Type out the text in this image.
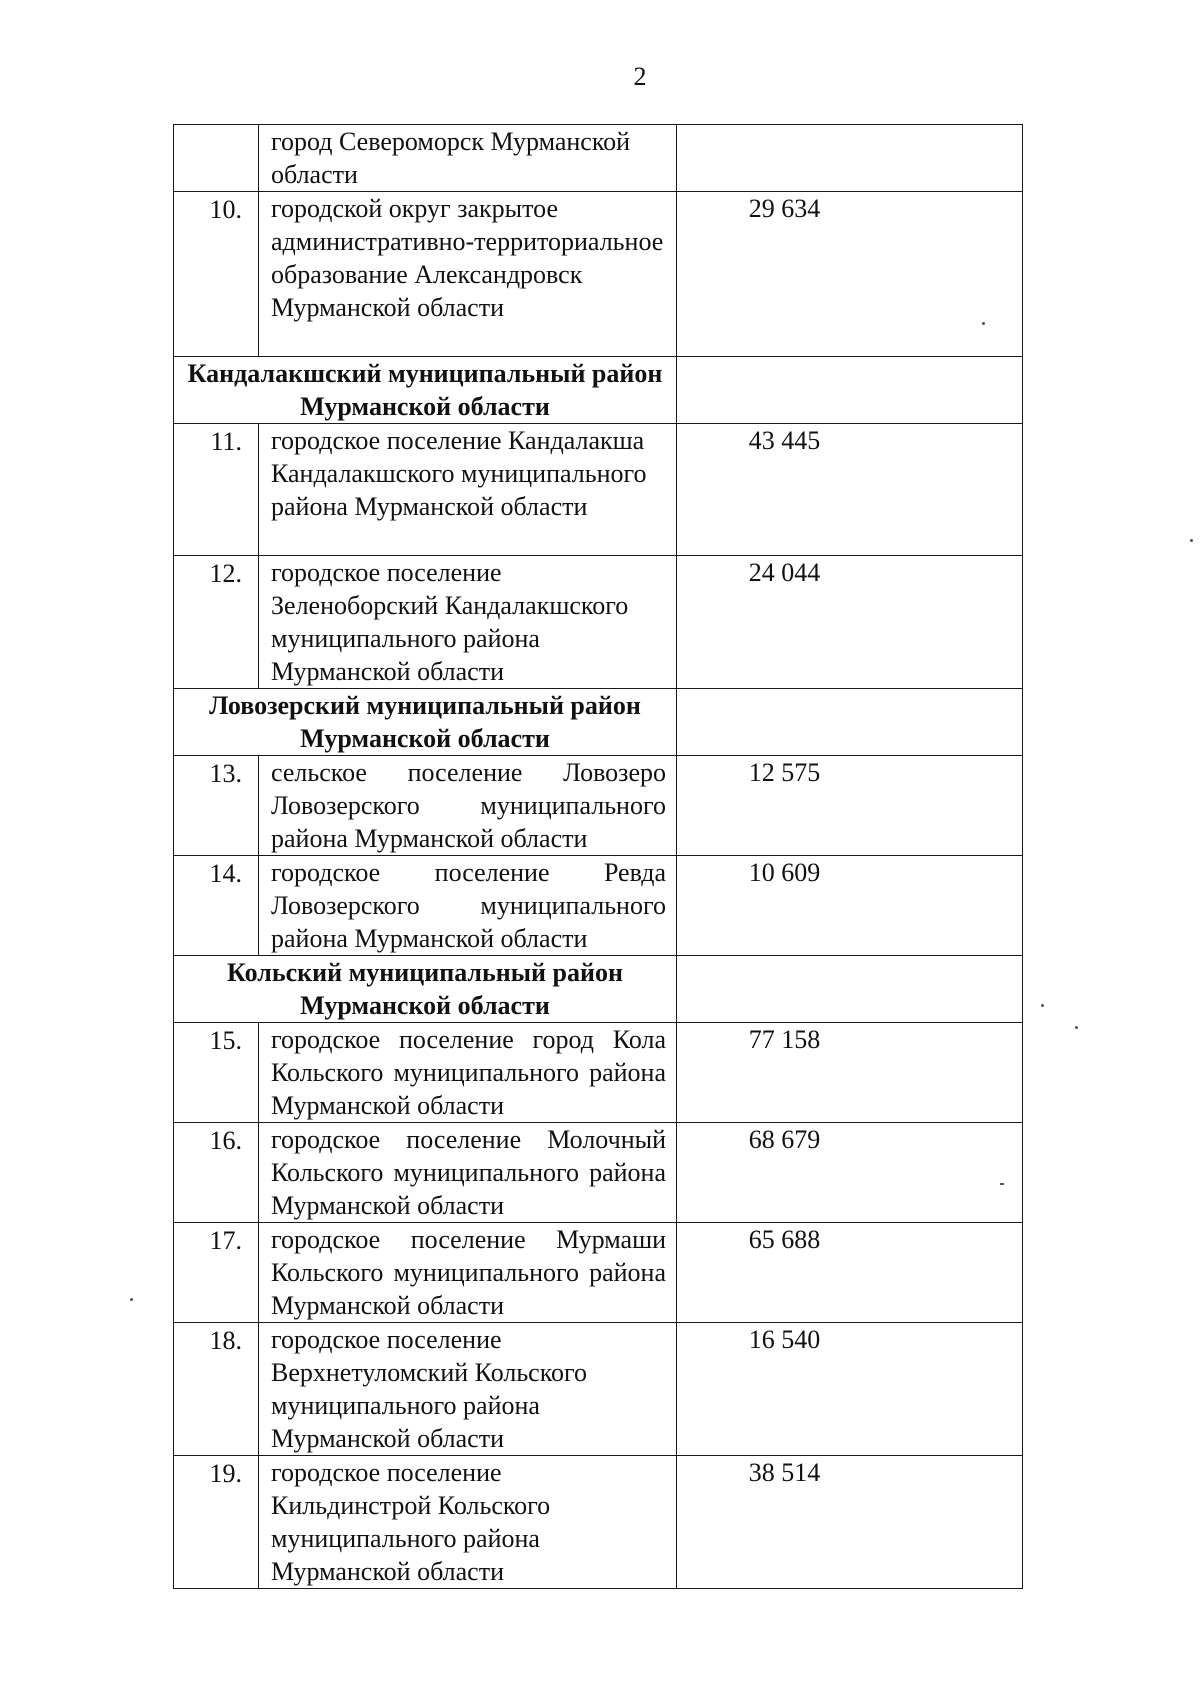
2
	город Североморск Мурманской области	
10.	городской округ закрытое административно-территориальное образование Александровск Мурманской области	29 634
Кандалакшский муниципальный район Мурманской области		
11.	городское поселение Кандалакша Кандалакшского муниципального района Мурманской области	43 445
12.	городское поселение Зеленоборский Кандалакшского муниципального района Мурманской области	24 044
Ловозерский муниципальный район Мурманской области		
13.	сельское поселение Ловозеро Ловозерского муниципального района Мурманской области	12 575
14.	городское поселение Ревда Ловозерского муниципального района Мурманской области	10 609
Кольский муниципальный район Мурманской области		
15.	городское поселение город Кола Кольского муниципального района Мурманской области	77 158
16.	городское поселение Молочный Кольского муниципального района Мурманской области	68 679
17.	городское поселение Мурмаши Кольского муниципального района Мурманской области	65 688
18.	городское поселение Верхнетуломский Кольского муниципального района Мурманской области	16 540
19.	городское поселение Кильдинстрой Кольского муниципального района Мурманской области	38 514
